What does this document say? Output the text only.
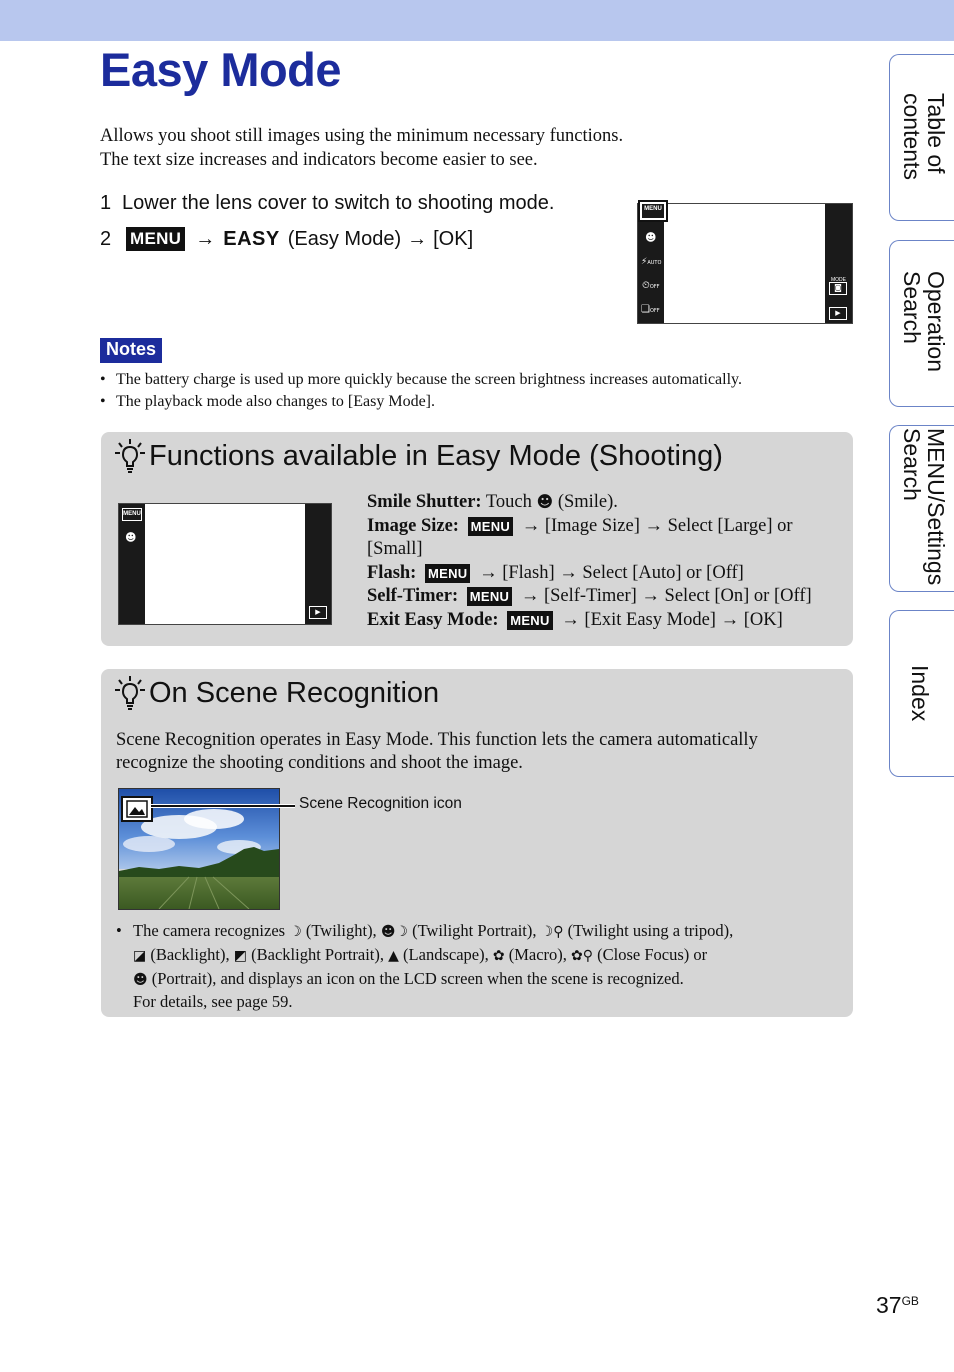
Easy Mode
Allows you shoot still images using the minimum necessary functions.
The text size increases and indicators become easier to see.
1 Lower the lens cover to switch to shooting mode.
2	MENU → EASY (Easy Mode) → [OK]
MENU
☻
⚡AUTO
⏲OFF
❏OFF
MODE
◙
▶
Notes
• The battery charge is used up more quickly because the screen brightness increases automatically.
• The playback mode also changes to [Easy Mode].
Functions available in Easy Mode (Shooting)
MENU
☻
▶
Smile Shutter: Touch ☻ (Smile).
Image Size: MENU → [Image Size] → Select [Large] or
[Small]
Flash: MENU → [Flash] → Select [Auto] or [Off]
Self-Timer: MENU → [Self-Timer] → Select [On] or [Off]
Exit Easy Mode: MENU → [Exit Easy Mode] → [OK]
On Scene Recognition
Scene Recognition operates in Easy Mode. This function lets the camera automatically
recognize the shooting conditions and shoot the image.
Scene Recognition icon
• The camera recognizes ☽ (Twilight), ☻☽ (Twilight Portrait), ☽⚲ (Twilight using a tripod),
◪ (Backlight), ◩ (Backlight Portrait), ▲ (Landscape), ✿ (Macro), ✿⚲ (Close Focus) or
☻ (Portrait), and displays an icon on the LCD screen when the scene is recognized.
For details, see page 59.
Table of
contents
Operation
Search
MENU/Settings
Search
Index
$37^{GB}$
